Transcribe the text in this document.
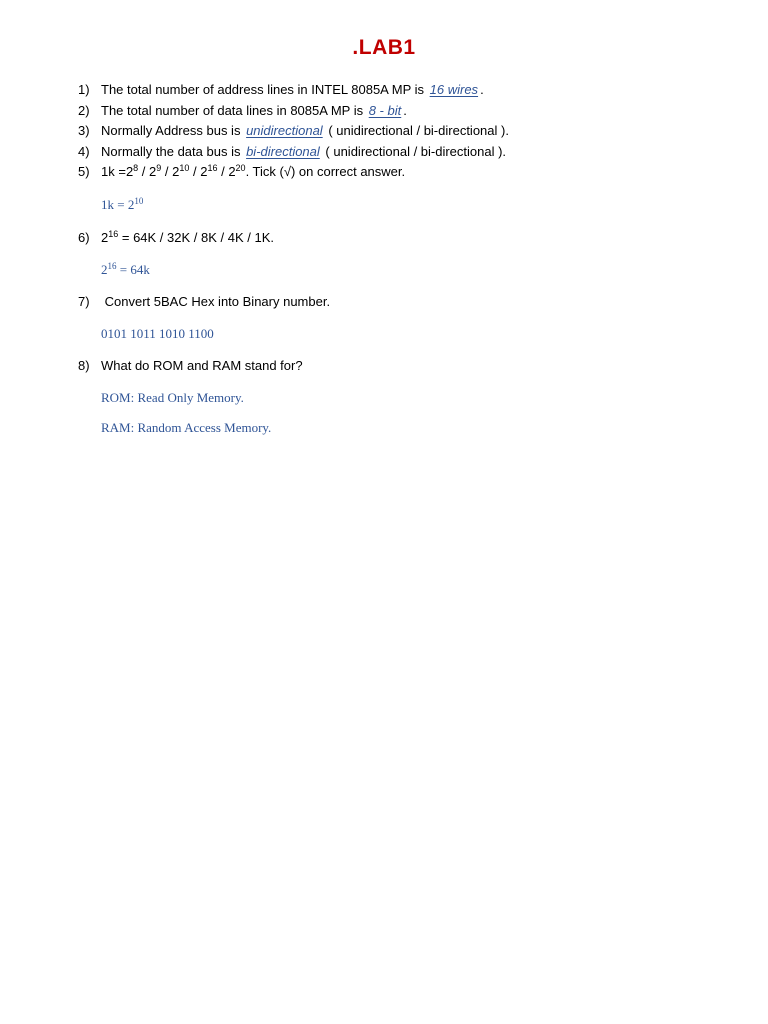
.LAB1
1) The total number of address lines in INTEL 8085A MP is 16 wires .
2) The total number of data lines in 8085A MP is 8 - bit .
3) Normally Address bus is unidirectional ( unidirectional / bi-directional ).
4) Normally the data bus is bi-directional ( unidirectional / bi-directional ).
5) $1k =2^8 / 2^9 / 2^{10} / 2^{16} / 2^{20}$. Tick (√) on correct answer.
$1k = 2^{10}$
6) $2^{16} = 64K / 32K / 8K / 4K / 1K$.
$2^{16} = 64k$
7) Convert 5BAC Hex into Binary number.
0101 1011 1010 1100
8) What do ROM and RAM stand for?
ROM: Read Only Memory.
RAM: Random Access Memory.
